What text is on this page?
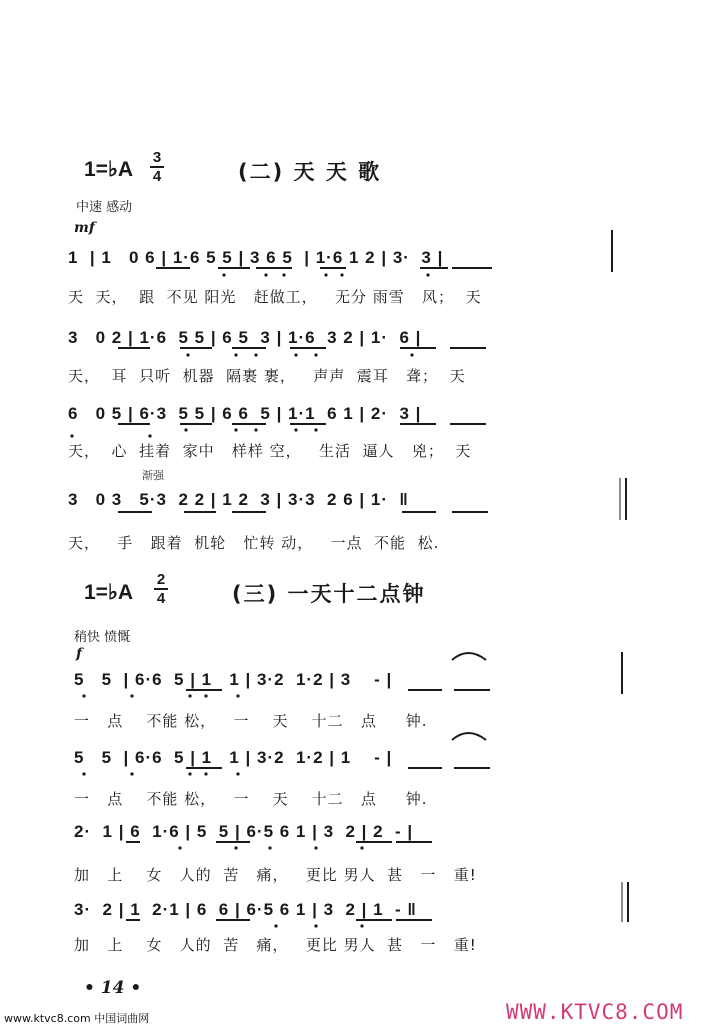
1=♭A
3
4	(二) 天 天 歌
中速 感动
mf
1  | 1   0 6 | 1·6 5 5 | 3 6 5  | 1·6 1 2 | 3·  3 |
天  天，  跟  不见 阳光   赶做工，   无分 雨雪   风；  天
3   0 2 | 1·6  5 5 | 6 5  3 | 1·6  3 2 | 1·  6 |
天，  耳  只听  机器  隔裹 裹，   声声  震耳   聋；  天
6   0 5 | 6·3  5 5 | 6 6  5 | 1·1  6 1 | 2·  3 |
天，  心  挂着  家中   样样 空，   生活  逼人   兇；  天
渐强
3   0 3   5·3  2 2 | 1 2  3 | 3·3  2 6 | 1·  ‖
天，   手   跟着  机轮   忙转 动，   一点  不能  松.
1=♭A
2
4	(三) 一天十二点钟
稍快 愤慨
f
5   5  | 6·6  5 | 1   1 | 3·2  1·2 | 3    - |
一   点    不能 松，   一    天    十二   点     钟.
5   5  | 6·6  5 | 1   1 | 3·2  1·2 | 1    - |
一   点    不能 松，   一    天    十二   点     钟.
2·  1 | 6  1·6 | 5  5 | 6·5 6 1 | 3  2 | 2  - |
加   上    女   人的  苦   痛，   更比 男人  甚   一   重!
3·  2 | 1  2·1 | 6  6 | 6·5 6 1 | 3  2 | 1  - ‖
加   上    女   人的  苦   痛，   更比 男人  甚   一   重!
• 14 •
www.ktvc8.com 中国词曲网	WWW.KTVC8.COM
